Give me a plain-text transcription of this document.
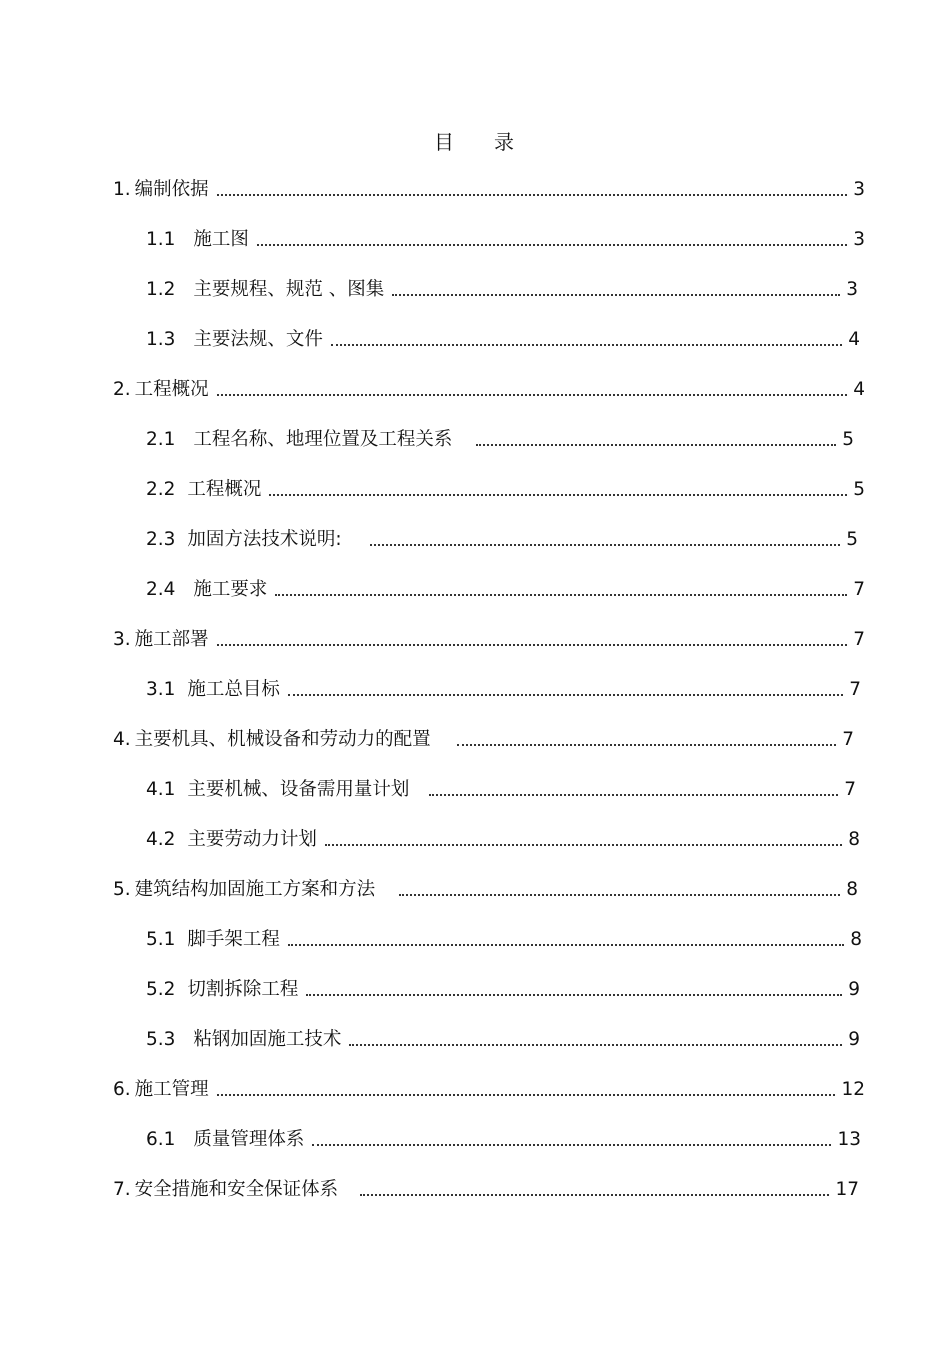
目 录
1. 编制依据	3
1.1 施工图	3
1.2 主要规程、规范 、图集	3
1.3 主要法规、文件	4
2. 工程概况	4
2.1 工程名称、地理位置及工程关系	5
2.2 工程概况	5
2.3 加固方法技术说明:	5
2.4 施工要求	7
3. 施工部署	7
3.1 施工总目标	7
4. 主要机具、机械设备和劳动力的配置	7
4.1 主要机械、设备需用量计划	7
4.2 主要劳动力计划	8
5. 建筑结构加固施工方案和方法	8
5.1 脚手架工程	8
5.2 切割拆除工程	9
5.3 粘钢加固施工技术	9
6. 施工管理	12
6.1 质量管理体系	13
7. 安全措施和安全保证体系	17
